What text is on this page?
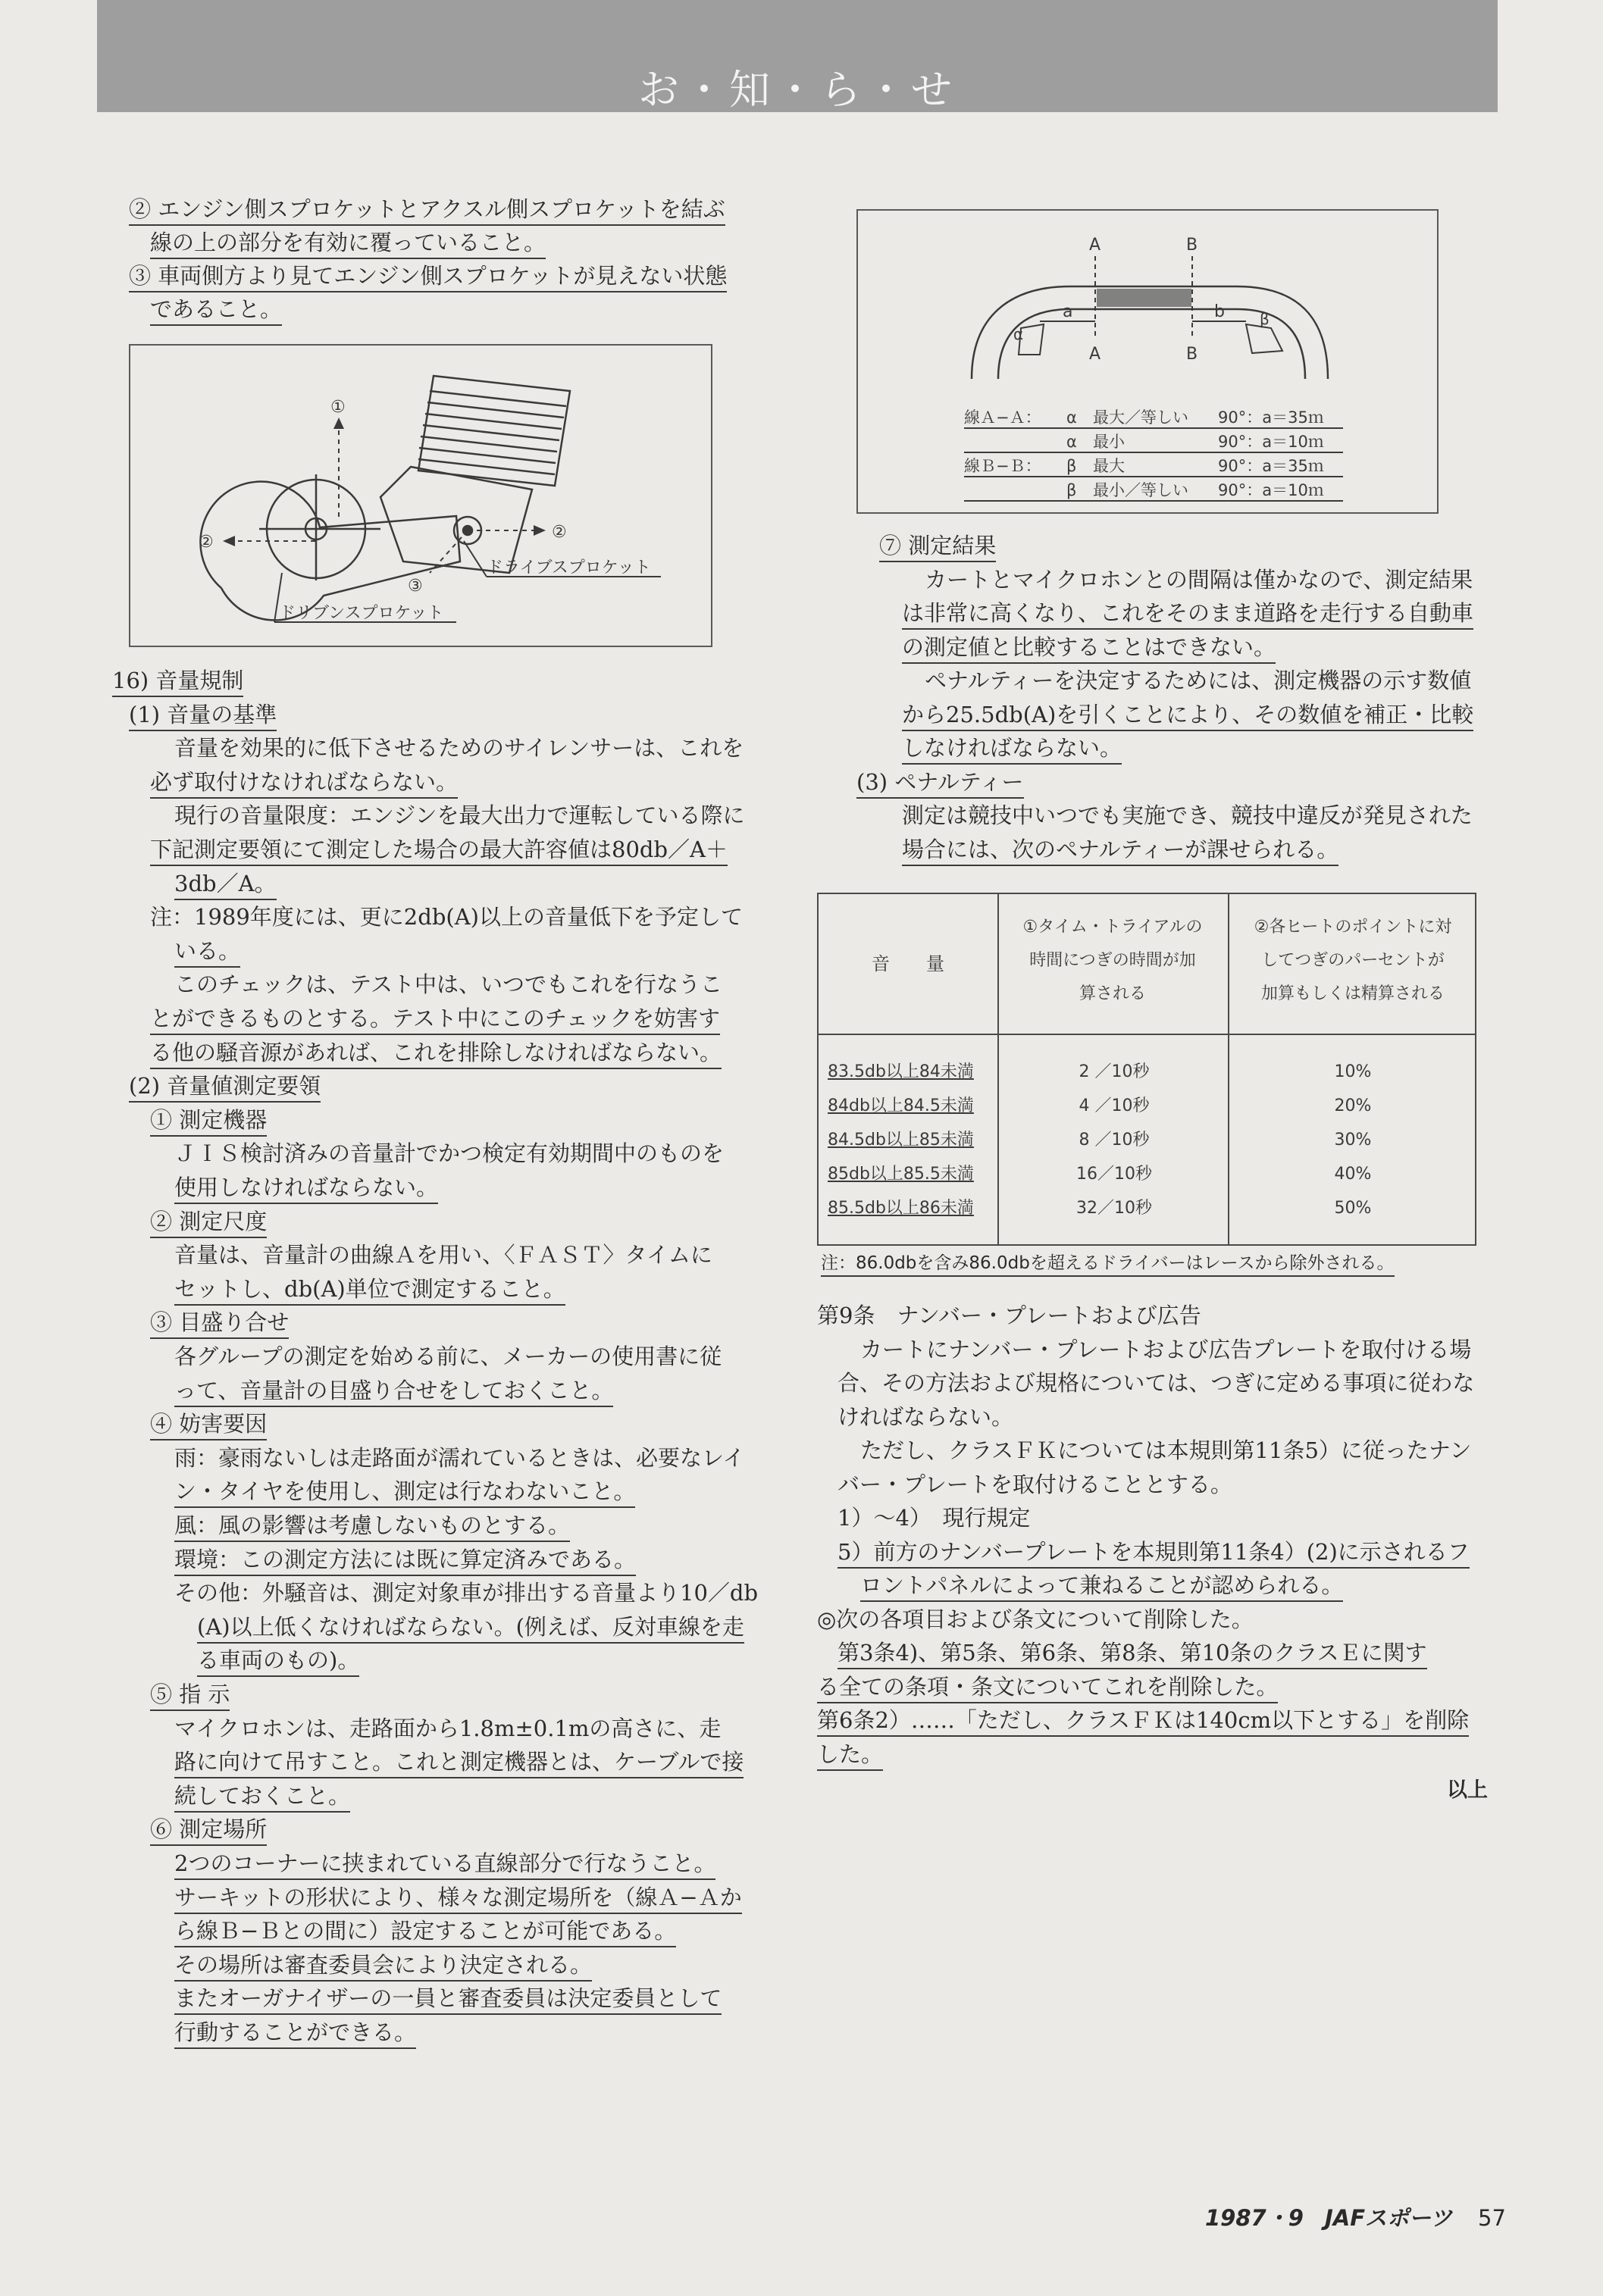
お・知・ら・せ
② エンジン側スプロケットとアクスル側スプロケットを結ぶ
線の上の部分を有効に覆っていること。
③ 車両側方より見てエンジン側スプロケットが見えない状態
であること。
①
②
②
③
ドライブスプロケット
ドリブンスプロケット
16) 音量規制
(1) 音量の基準
音量を効果的に低下させるためのサイレンサーは、これを
必ず取付けなければならない。
現行の音量限度：エンジンを最大出力で運転している際に
下記測定要領にて測定した場合の最大許容値は80db／A＋
3db／A。
注：1989年度には、更に2db(A)以上の音量低下を予定して
いる。
このチェックは、テスト中は、いつでもこれを行なうこ
とができるものとする。テスト中にこのチェックを妨害す
る他の騒音源があれば、これを排除しなければならない。
(2) 音量値測定要領
① 測定機器
ＪＩＳ検討済みの音量計でかつ検定有効期間中のものを
使用しなければならない。
② 測定尺度
音量は、音量計の曲線Ａを用い、〈ＦＡＳＴ〉タイムに
セットし、db(A)単位で測定すること。
③ 目盛り合せ
各グループの測定を始める前に、メーカーの使用書に従
って、音量計の目盛り合せをしておくこと。
④ 妨害要因
雨：豪雨ないしは走路面が濡れているときは、必要なレイ
ン・タイヤを使用し、測定は行なわないこと。
風：風の影響は考慮しないものとする。
環境：この測定方法には既に算定済みである。
その他：外騒音は、測定対象車が排出する音量より10／db
(A)以上低くなければならない。(例えば、反対車線を走
る車両のもの)。
⑤ 指 示
マイクロホンは、走路面から1.8m±0.1mの高さに、走
路に向けて吊すこと。これと測定機器とは、ケーブルで接
続しておくこと。
⑥ 測定場所
2つのコーナーに挟まれている直線部分で行なうこと。
サーキットの形状により、様々な測定場所を（線Ａ−Ａか
ら線Ｂ−Ｂとの間に）設定することが可能である。
その場所は審査委員会により決定される。
またオーガナイザーの一員と審査委員は決定委員として
行動することができる。
A	B
A	B
a	b
α
β
線Ａ−Ａ： α 最大／等しい 90°：a＝35ｍ
α 最小	90°：a＝10ｍ
線Ｂ−Ｂ： β 最大	90°：a＝35ｍ
β 最小／等しい 90°：a＝10ｍ
⑦ 測定結果
カートとマイクロホンとの間隔は僅かなので、測定結果
は非常に高くなり、これをそのまま道路を走行する自動車
の測定値と比較することはできない。
ペナルティーを決定するためには、測定機器の示す数値
から25.5db(A)を引くことにより、その数値を補正・比較
しなければならない。
(3) ペナルティー
測定は競技中いつでも実施でき、競技中違反が発見された
場合には、次のペナルティーが課せられる。
音　　量
①タイム・トライアルの
時間につぎの時間が加
算される
②各ヒートのポイントに対
してつぎのパーセントが
加算もしくは精算される
83.5db以上84未満	2 ／10秒	10%
84db以上84.5未満	4 ／10秒	20%
84.5db以上85未満	8 ／10秒	30%
85db以上85.5未満	16／10秒	40%
85.5db以上86未満	32／10秒	50%
注：86.0dbを含み86.0dbを超えるドライバーはレースから除外される。
第9条　ナンバー・プレートおよび広告
カートにナンバー・プレートおよび広告プレートを取付ける場
合、その方法および規格については、つぎに定める事項に従わな
ければならない。
ただし、クラスＦＫについては本規則第11条5）に従ったナン
バー・プレートを取付けることとする。
1）～4）　現行規定
5）前方のナンバープレートを本規則第11条4）(2)に示されるフ
ロントパネルによって兼ねることが認められる。
◎次の各項目および条文について削除した。
第3条4)、第5条、第6条、第8条、第10条のクラスＥに関す
る全ての条項・条文についてこれを削除した。
第6条2）……「ただし、クラスＦＫは140cm以下とする」を削除
した。
以上
1987・9 JAFスポーツ 57
